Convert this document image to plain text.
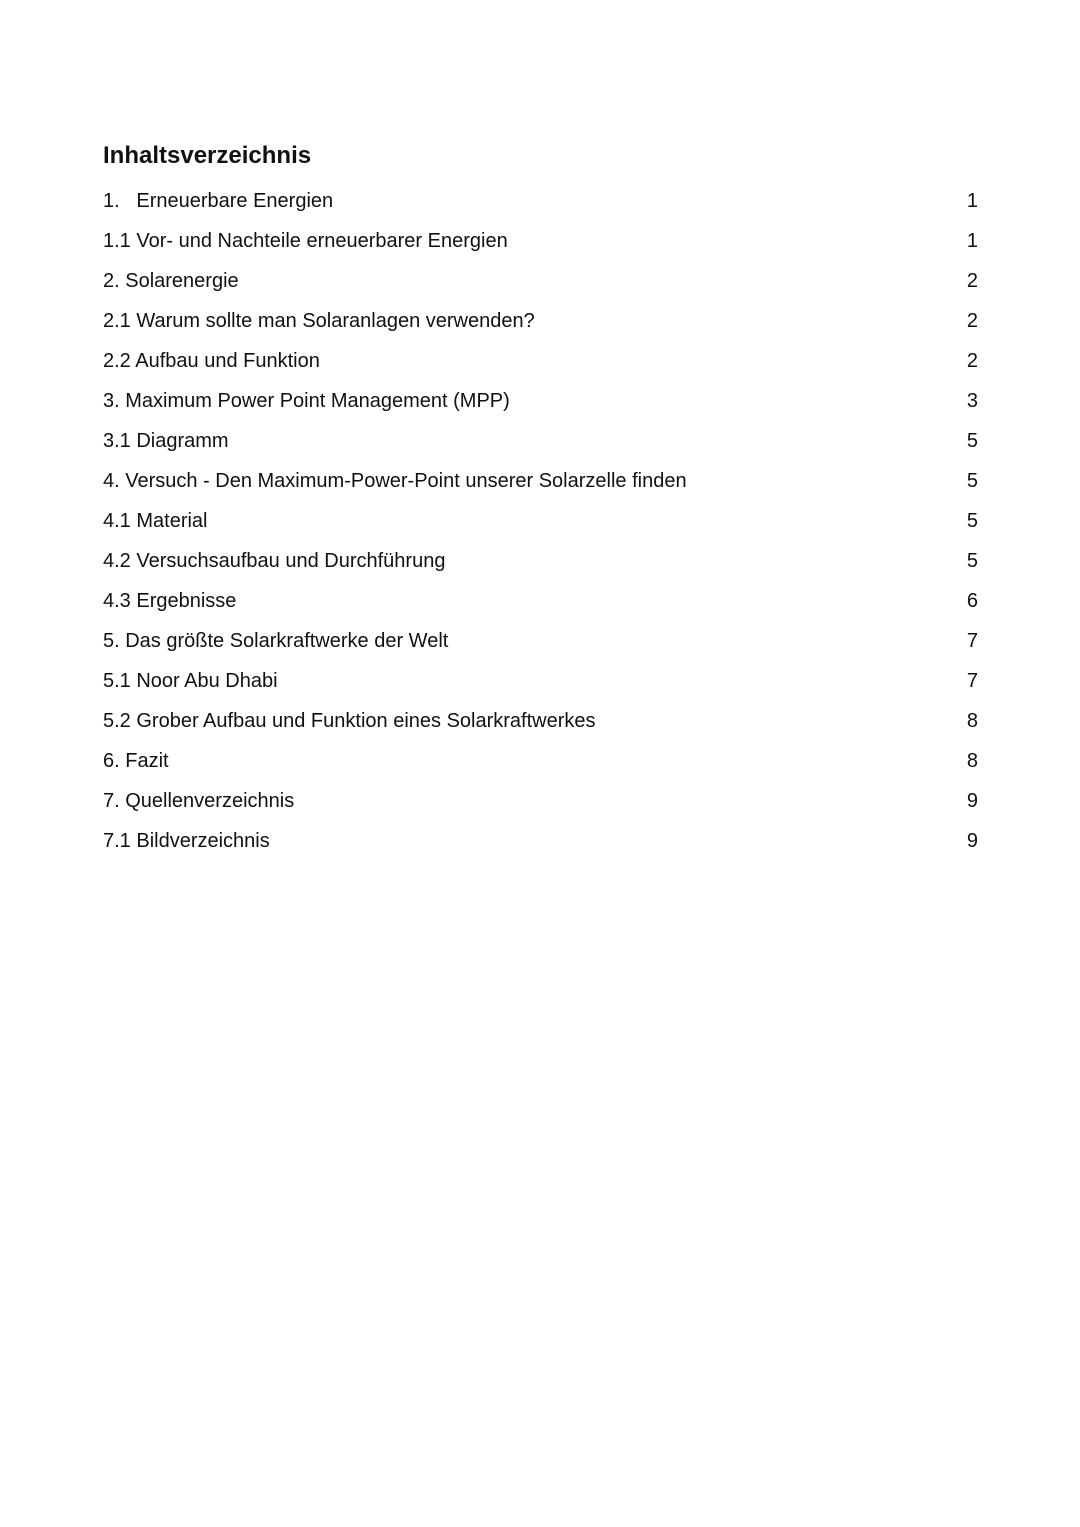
Inhaltsverzeichnis
1.   Erneuerbare Energien	1
1.1 Vor- und Nachteile erneuerbarer Energien	1
2. Solarenergie	2
2.1 Warum sollte man Solaranlagen verwenden?	2
2.2 Aufbau und Funktion	2
3. Maximum Power Point Management (MPP)	3
3.1 Diagramm	5
4. Versuch - Den Maximum-Power-Point unserer Solarzelle finden	5
4.1 Material	5
4.2 Versuchsaufbau und Durchführung	5
4.3 Ergebnisse	6
5. Das größte Solarkraftwerke der Welt	7
5.1 Noor Abu Dhabi	7
5.2 Grober Aufbau und Funktion eines Solarkraftwerkes	8
6. Fazit	8
7. Quellenverzeichnis	9
7.1 Bildverzeichnis	9
